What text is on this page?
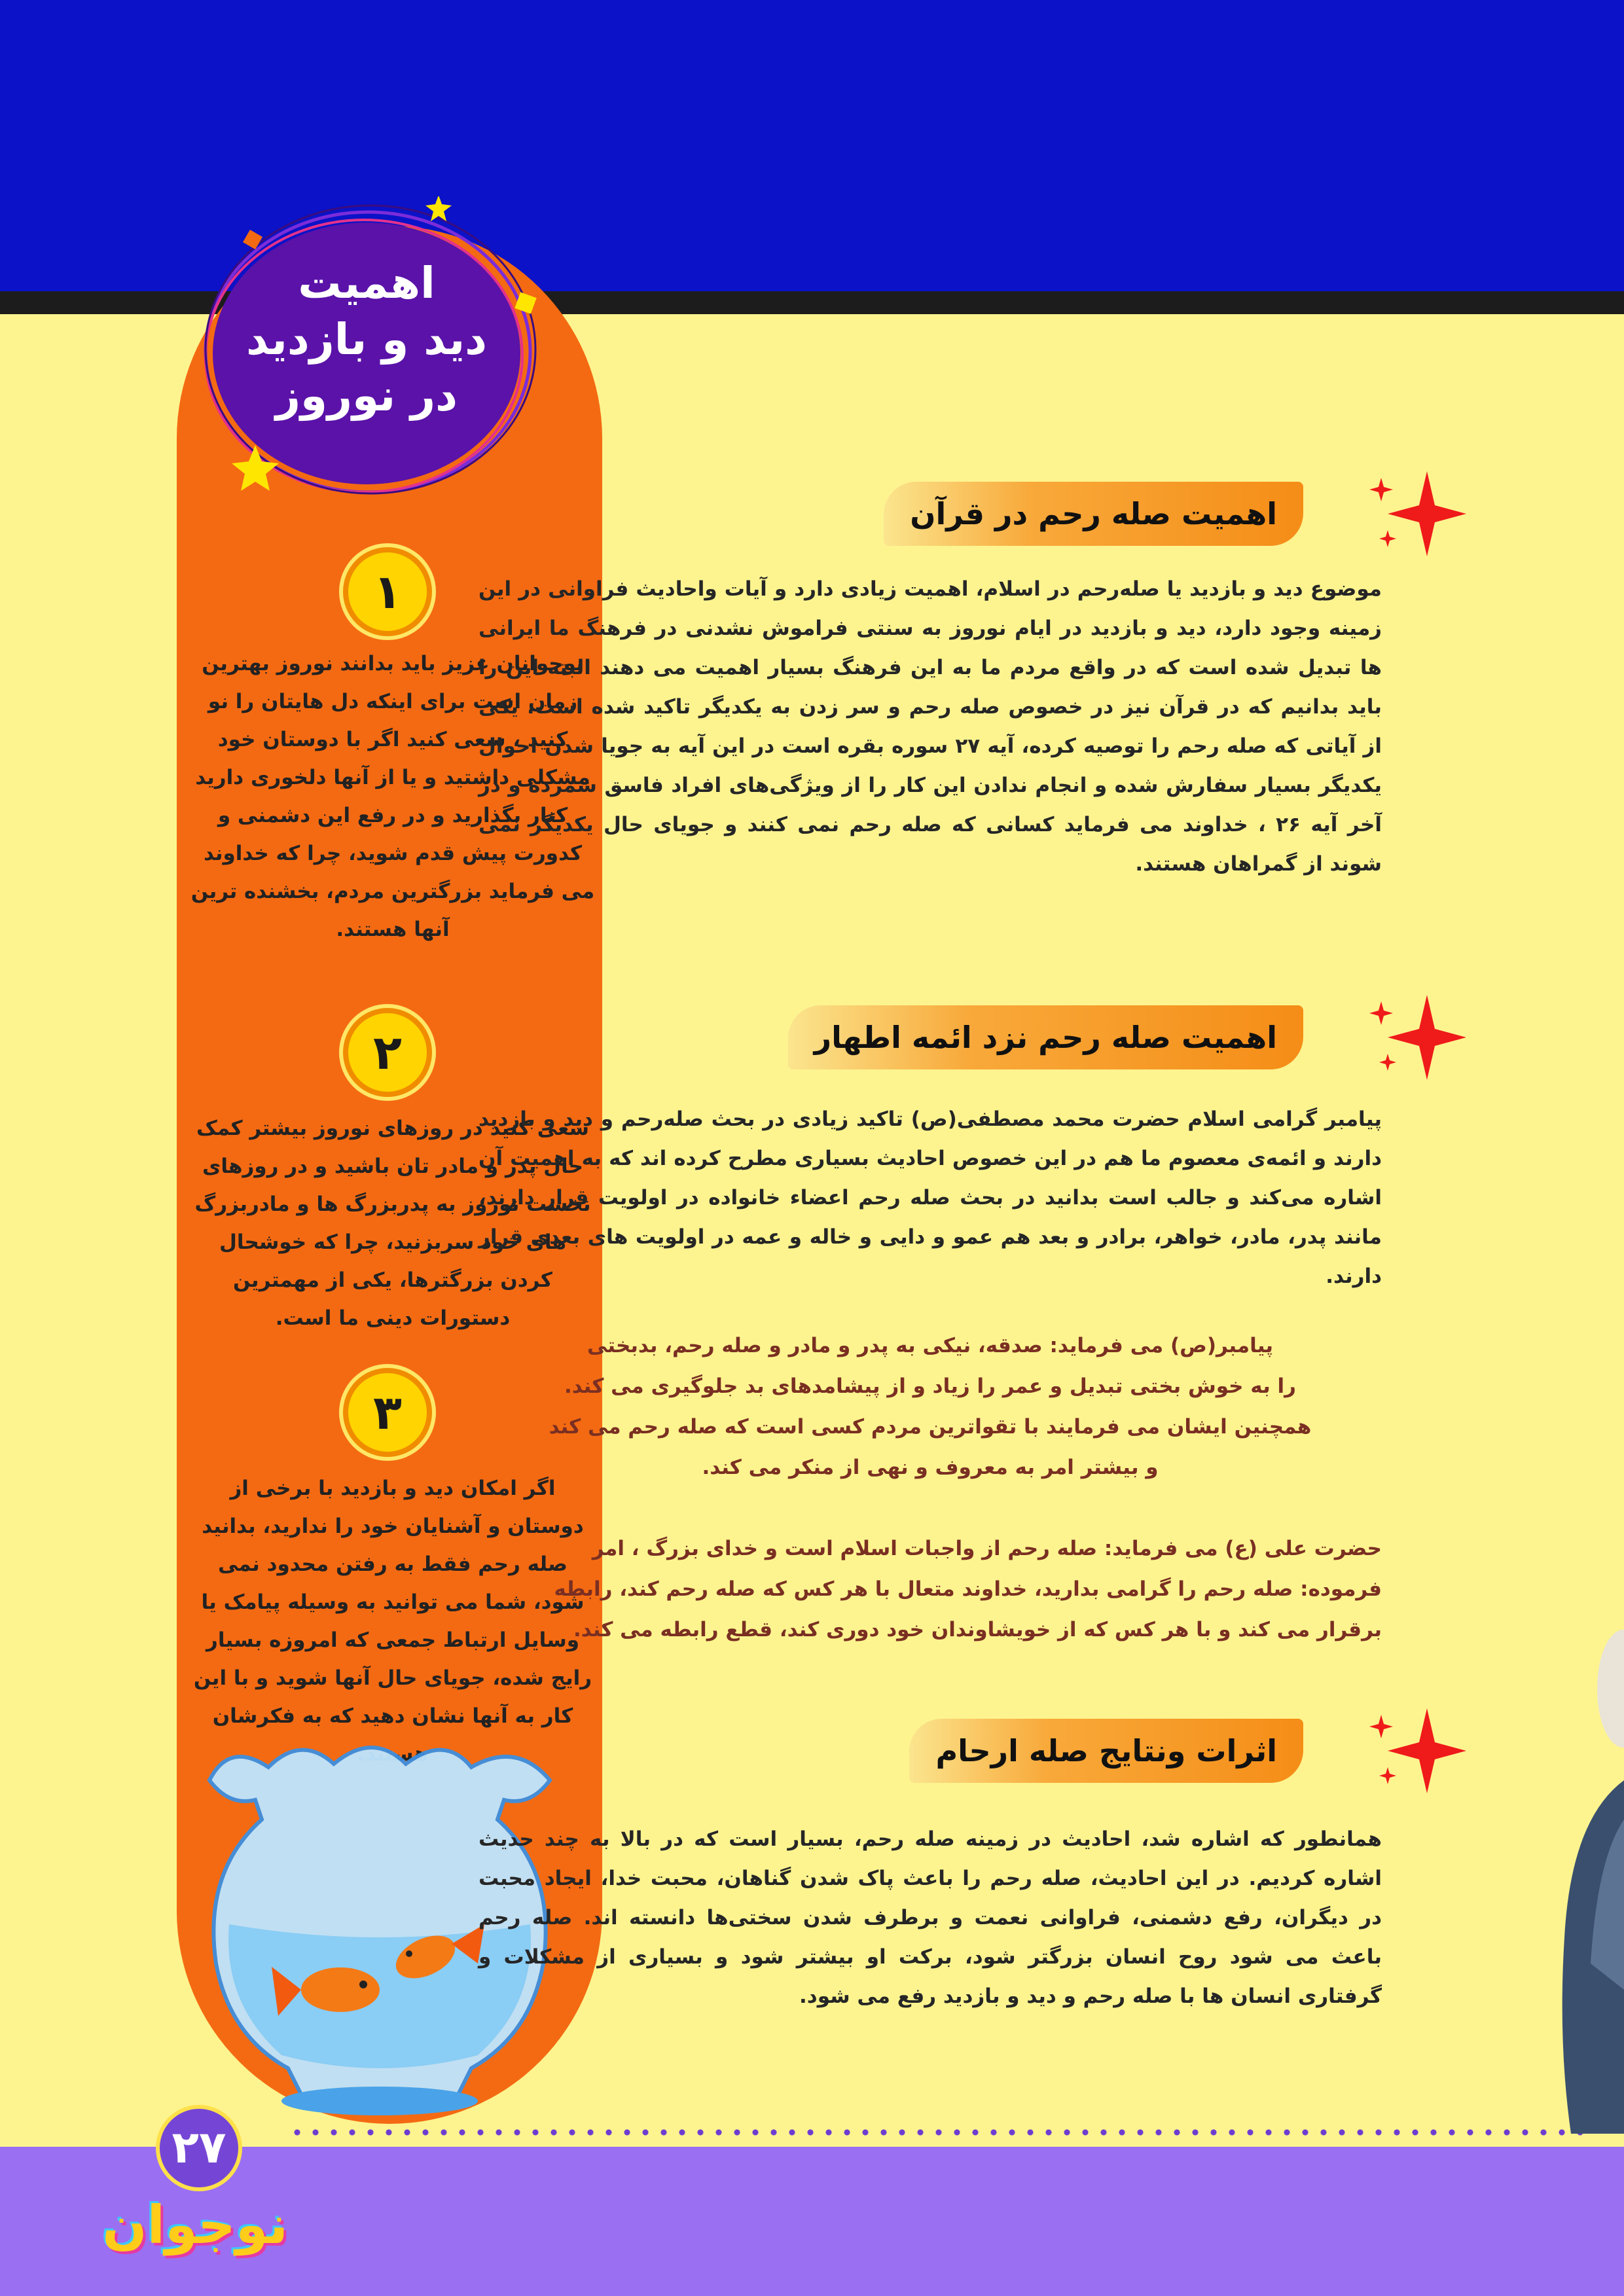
اهمیت
دید و بازدید
در نوروز
۱
نوجوانان عزیز باید بدانند نوروز بهترین زمان است برای اینکه دل هایتان را نو کنید ، سعی کنید اگر با دوستان خود مشکلی داشتید و یا از آنها دلخوری دارید کنار بگذارید و در رفع این دشمنی و کدورت پیش قدم شوید، چرا که خداوند می فرماید بزرگترین مردم، بخشنده ترین آنها هستند.
۲
سعی کنید در روزهای نوروز بیشتر کمک حال پدر و مادر تان باشید و در روزهای نخست نوروز به پدربزرگ ها و مادربزرگ های خود سربزنید، چرا که خوشحال کردن بزرگترها، یکی از مهمترین دستورات دینی ما است.
۳
اگر امکان دید و بازدید با برخی از دوستان و آشنایان خود را ندارید، بدانید صله رحم فقط به رفتن محدود نمی شود، شما می توانید به وسیله پیامک یا وسایل ارتباط جمعی که امروزه بسیار رایج شده، جویای حال آنها شوید و با این کار به آنها نشان دهید که به فکرشان
اهمیت صله رحم در قرآن
موضوع دید و بازدید یا صله‌رحم در اسلام، اهمیت زیادی دارد و آیات واحادیث فراوانی در این زمینه وجود دارد، دید و بازدید در ایام نوروز به سنتی فراموش نشدنی در فرهنگ ما ایرانی ها تبدیل شده است که در واقع مردم ما به این فرهنگ بسیار اهمیت می دهند البته این را باید بدانیم که در قرآن نیز در خصوص صله رحم و سر زدن به یکدیگر تاکید شده است، یکی از آیاتی که صله رحم را توصیه کرده، آیه ۲۷ سوره بقره است در این آیه به جویا شدن احوال یکدیگر بسیار سفارش شده و انجام ندادن این کار را از ویژگی‌های افراد فاسق شمرده و در آخر آیه ۲۶ ، خداوند می فرماید کسانی که صله رحم نمی کنند و جویای حال یکدیگر نمی شوند از گمراهان هستند.
اهمیت صله رحم نزد ائمه اطهار
پیامبر گرامی اسلام حضرت محمد مصطفی(ص) تاکید زیادی در بحث صله‌رحم و دید و بازدید دارند و ائمه‌ی معصوم ما هم در این خصوص احادیث بسیاری مطرح کرده اند که به اهمیت آن اشاره می‌کند و جالب است بدانید در بحث صله رحم اعضاء خانواده در اولویت قرار دارند، مانند پدر، مادر، خواهر، برادر و بعد هم عمو و دایی و خاله و عمه در اولویت های بعدی قرار دارند.
پیامبر(ص) می فرماید: صدقه، نیکی به پدر و مادر و صله رحم، بدبختی
را به خوش بختی تبدیل و عمر را زیاد و از پیشامدهای بد جلوگیری می کند.
همچنین ایشان می فرمایند با تقواترین مردم کسی است که صله رحم می کند
و بیشتر امر به معروف و نهی از منکر می کند.
حضرت علی (ع) می فرماید: صله رحم از واجبات اسلام است و خدای بزرگ ، امر
فرموده: صله رحم را گرامی بدارید، خداوند متعال با هر کس که صله رحم کند، رابطه
برقرار می کند و با هر کس که از خویشاوندان خود دوری کند، قطع رابطه می کند.
اثرات ونتایج صله ارحام
همانطور که اشاره شد، احادیث در زمینه صله رحم، بسیار است که در بالا به چند حدیث اشاره کردیم. در این احادیث، صله رحم را باعث پاک شدن گناهان، محبت خدا، ایجاد محبت در دیگران، رفع دشمنی، فراوانی نعمت و برطرف شدن سختی‌ها دانسته اند. صله رحم باعث می شود روح انسان بزرگتر شود، برکت او بیشتر شود و بسیاری از مشکلات و گرفتاری انسان ها با صله رحم و دید و بازدید رفع می شود.
۲۷
نوجوان
